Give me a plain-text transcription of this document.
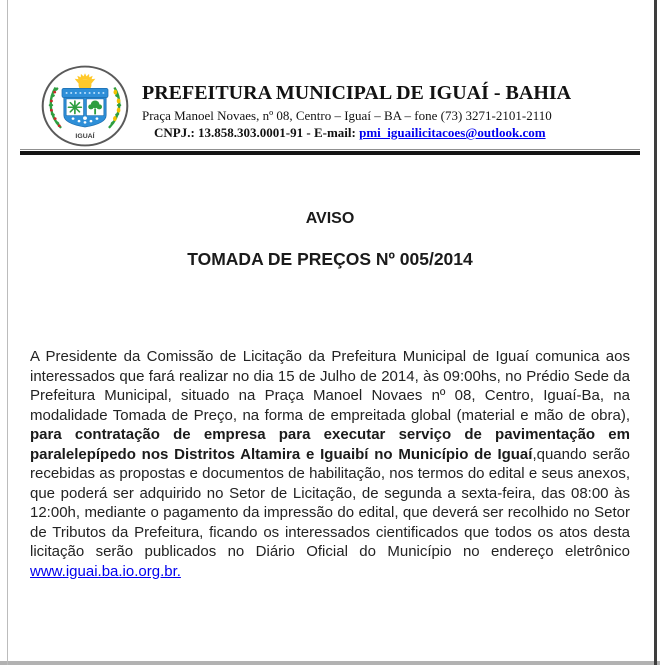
IGUAÍ
PREFEITURA MUNICIPAL DE IGUAÍ - BAHIA
Praça Manoel Novaes, nº 08, Centro – Iguaí – BA – fone (73) 3271-2101-2110
CNPJ.: 13.858.303.0001-91 - E-mail: pmi_iguailicitacoes@outlook.com
AVISO
TOMADA DE PREÇOS Nº 005/2014
A Presidente da Comissão de Licitação da Prefeitura Municipal de Iguaí comunica aos interessados que fará realizar no dia 15 de Julho de 2014, às 09:00hs, no Prédio Sede da Prefeitura Municipal, situado na Praça Manoel Novaes nº 08, Centro, Iguaí-Ba, na modalidade Tomada de Preço, na forma de empreitada global (material e mão de obra), para contratação de empresa para executar serviço de pavimentação em paralelepípedo nos Distritos Altamira e Iguaibí no Município de Iguaí,quando serão recebidas as propostas e documentos de habilitação, nos termos do edital e seus anexos, que poderá ser adquirido no Setor de Licitação, de segunda a sexta-feira, das 08:00 às 12:00h, mediante o pagamento da impressão do edital, que deverá ser recolhido no Setor de Tributos da Prefeitura, ficando os interessados cientificados que todos os atos desta licitação serão publicados no Diário Oficial do Município no endereço eletrônico www.iguai.ba.io.org.br.
